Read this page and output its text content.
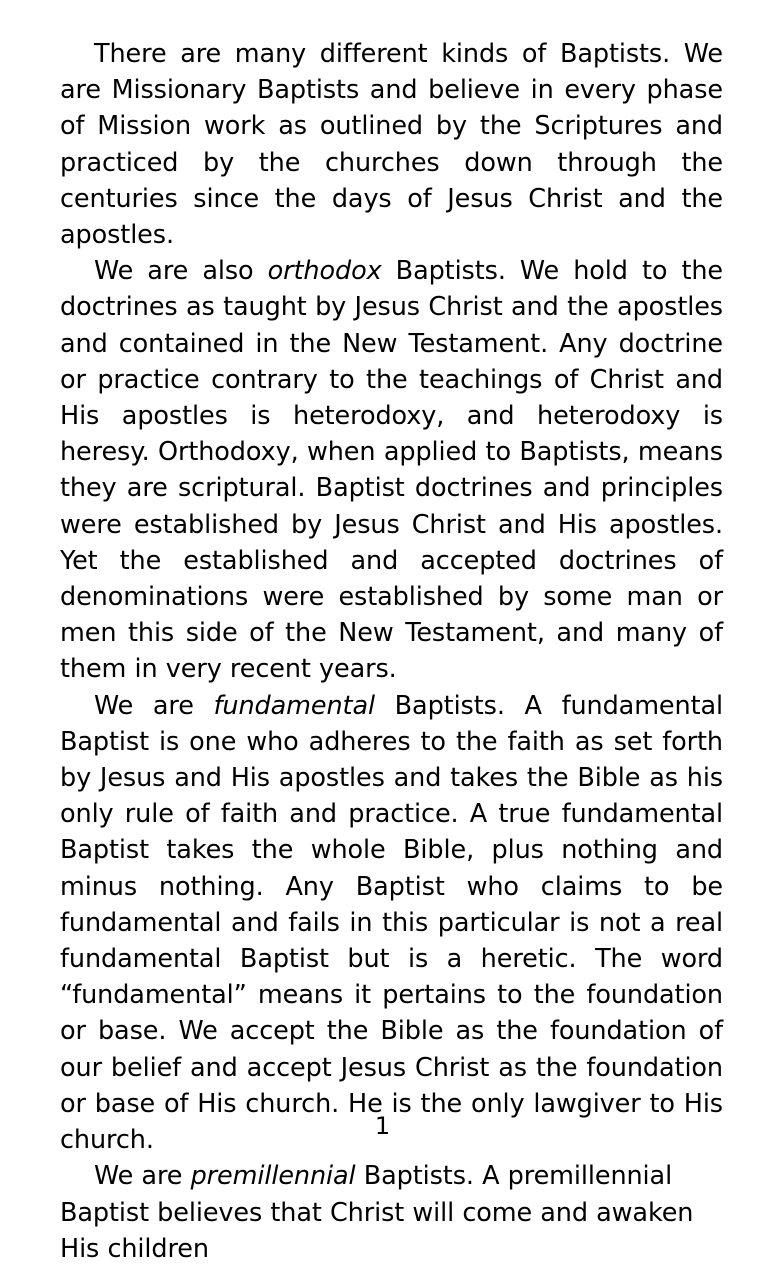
There are many different kinds of Baptists. We are Missionary Baptists and believe in every phase of Mission work as outlined by the Scriptures and practiced by the churches down through the centuries since the days of Jesus Christ and the apostles.

We are also orthodox Baptists. We hold to the doctrines as taught by Jesus Christ and the apostles and contained in the New Testament. Any doctrine or practice contrary to the teachings of Christ and His apostles is heterodoxy, and heterodoxy is heresy. Orthodoxy, when applied to Baptists, means they are scriptural. Baptist doctrines and principles were established by Jesus Christ and His apostles. Yet the established and accepted doctrines of denominations were established by some man or men this side of the New Testament, and many of them in very recent years.

We are fundamental Baptists. A fundamental Baptist is one who adheres to the faith as set forth by Jesus and His apostles and takes the Bible as his only rule of faith and practice. A true fundamental Baptist takes the whole Bible, plus nothing and minus nothing. Any Baptist who claims to be fundamental and fails in this particular is not a real fundamental Baptist but is a heretic. The word “fundamental” means it pertains to the foundation or base. We accept the Bible as the foundation of our belief and accept Jesus Christ as the foundation or base of His church. He is the only lawgiver to His church.

We are premillennial Baptists. A premillennial Baptist believes that Christ will come and awaken His children

1
